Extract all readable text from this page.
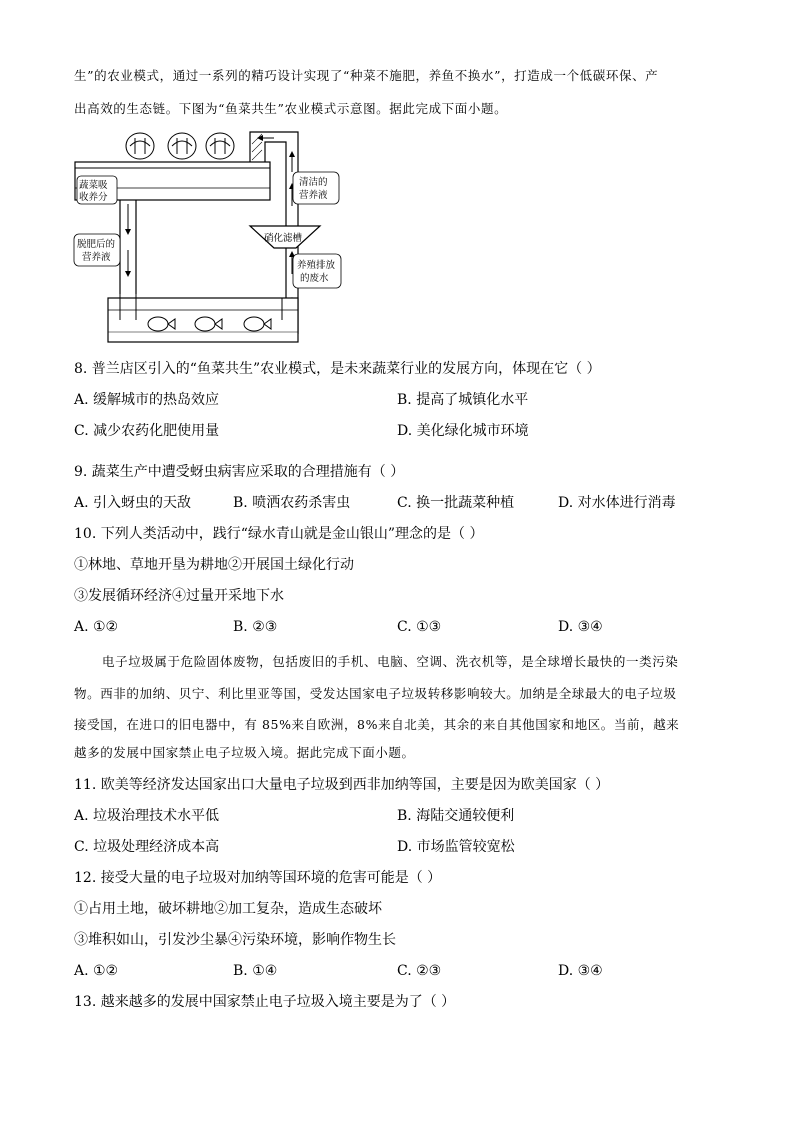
生”的农业模式，通过一系列的精巧设计实现了“种菜不施肥，养鱼不换水”，打造成一个低碳环保、产
出高效的生态链。下图为“鱼菜共生”农业模式示意图。据此完成下面小题。
硝化滤槽
蔬菜吸
收养分
清洁的
营养液
脱肥后的
营养液
养殖排放
的废水
8. 普兰店区引入的“鱼菜共生”农业模式，是未来蔬菜行业的发展方向，体现在它（ ）
A. 缓解城市的热岛效应	B. 提高了城镇化水平
C. 减少农药化肥使用量	D. 美化绿化城市环境
9. 蔬菜生产中遭受蚜虫病害应采取的合理措施有（ ）
A. 引入蚜虫的天敌	B. 喷洒农药杀害虫	C. 换一批蔬菜种植	D. 对水体进行消毒
10. 下列人类活动中，践行“绿水青山就是金山银山”理念的是（ ）
①林地、草地开垦为耕地②开展国土绿化行动
③发展循环经济④过量开采地下水
A. ①②	B. ②③	C. ①③	D. ③④
电子垃圾属于危险固体废物，包括废旧的手机、电脑、空调、洗衣机等，是全球增长最快的一类污染
物。西非的加纳、贝宁、利比里亚等国，受发达国家电子垃圾转移影响较大。加纳是全球最大的电子垃圾
接受国，在进口的旧电器中，有 85%来自欧洲，8%来自北美，其余的来自其他国家和地区。当前，越来
越多的发展中国家禁止电子垃圾入境。据此完成下面小题。
11. 欧美等经济发达国家出口大量电子垃圾到西非加纳等国，主要是因为欧美国家（ ）
A. 垃圾治理技术水平低	B. 海陆交通较便利
C. 垃圾处理经济成本高	D. 市场监管较宽松
12. 接受大量的电子垃圾对加纳等国环境的危害可能是（ ）
①占用土地，破坏耕地②加工复杂，造成生态破坏
③堆积如山，引发沙尘暴④污染环境，影响作物生长
A. ①②	B. ①④	C. ②③	D. ③④
13. 越来越多的发展中国家禁止电子垃圾入境主要是为了（ ）
